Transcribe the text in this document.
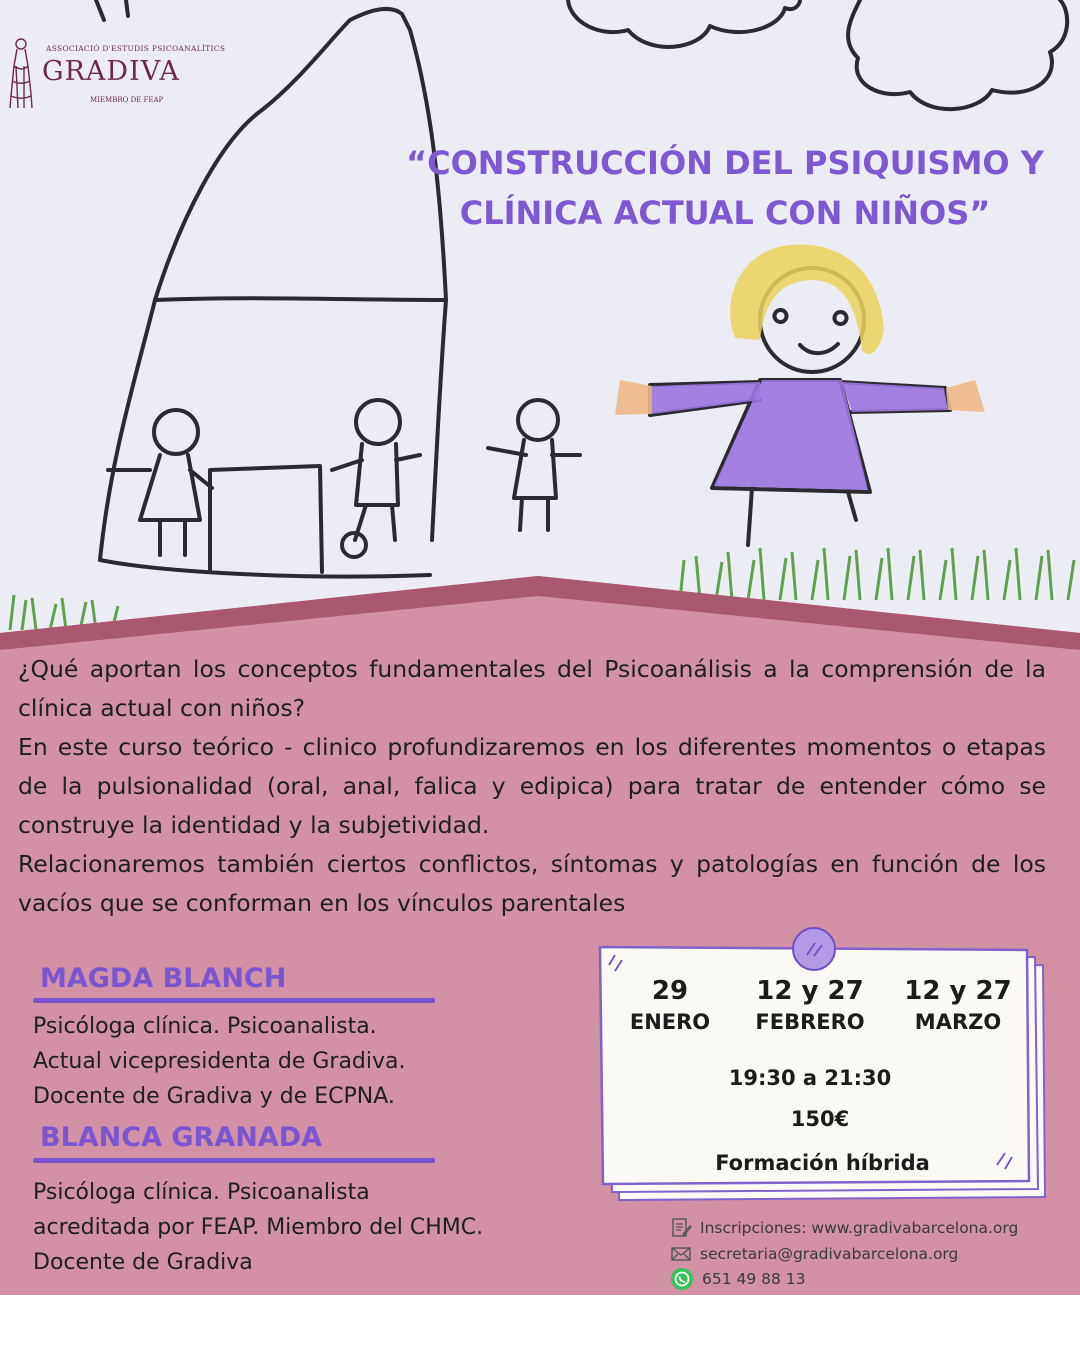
ASSOCIACIÓ D'ESTUDIS PSICOANALÍTICS
GRADIVA
MIEMBRO DE FEAP
“CONSTRUCCIÓN DEL PSIQUISMO Y
CLÍNICA ACTUAL CON NIÑOS”

¿Qué aportan los conceptos fundamentales del Psicoanálisis a la comprensión de la clínica actual con niños?

En este curso teórico - clinico profundizaremos en los diferentes momentos o etapas de la pulsionalidad (oral, anal, falica y edipica) para tratar de entender cómo se construye la identidad y la subjetividad.

Relacionaremos también ciertos conflictos, síntomas y patologías en función de los vacíos que se conforman en los vínculos parentales

MAGDA BLANCH
Psicóloga clínica. Psicoanalista.
Actual vicepresidenta de Gradiva.
Docente de Gradiva y de ECPNA.
BLANCA GRANADA
Psicóloga clínica. Psicoanalista
acreditada por FEAP. Miembro del CHMC.
Docente de Gradiva
29
ENERO
12 y 27
FEBRERO
12 y 27
MARZO
19:30 a 21:30
150€
Formación híbrida
Inscripciones: www.gradivabarcelona.org
secretaria@gradivabarcelona.org
651 49 88 13
